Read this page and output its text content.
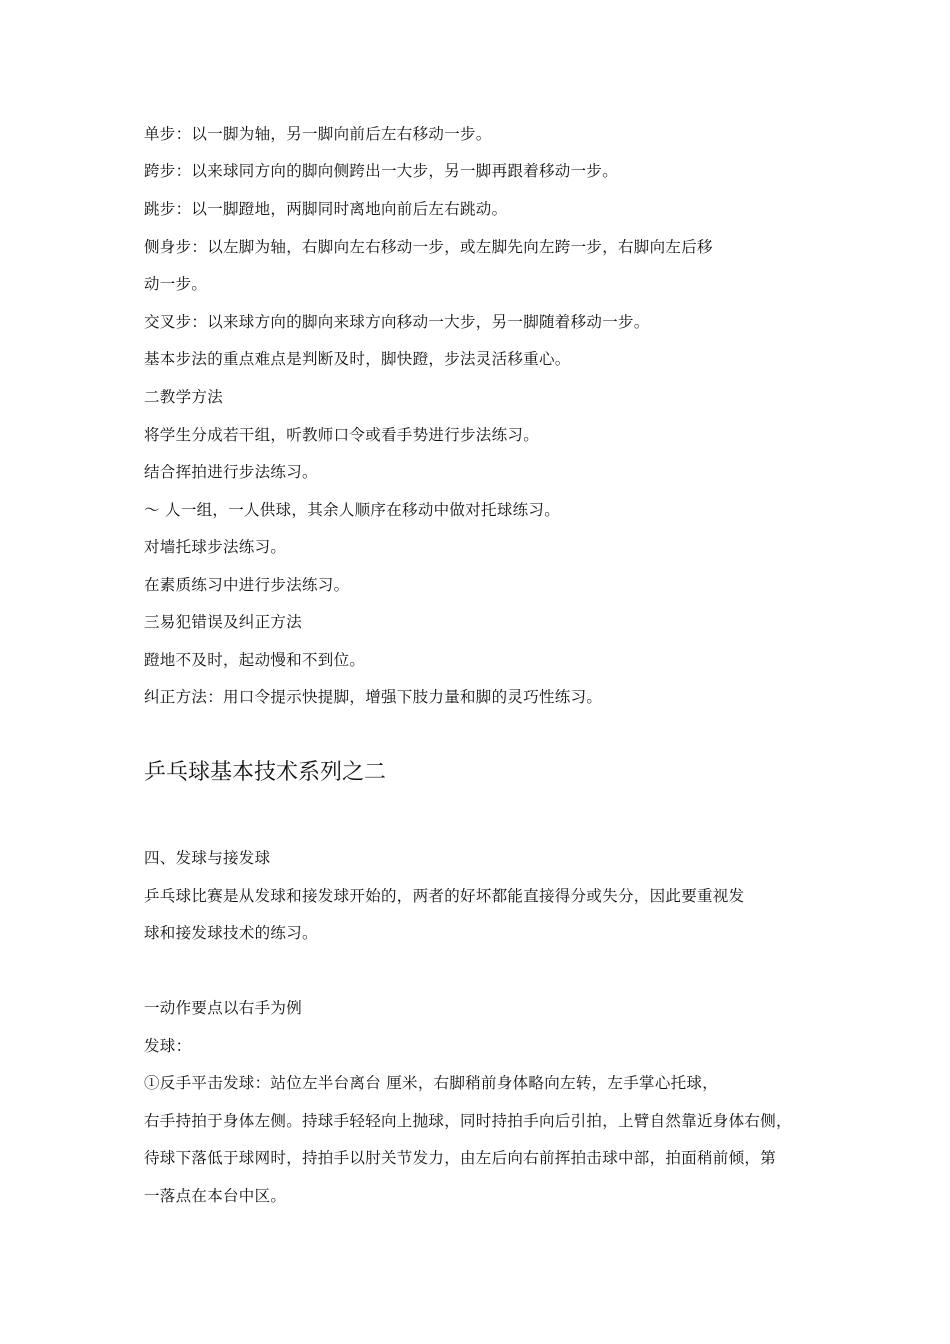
单步：以一脚为轴，另一脚向前后左右移动一步。
跨步：以来球同方向的脚向侧跨出一大步，另一脚再跟着移动一步。
跳步：以一脚蹬地，两脚同时离地向前后左右跳动。
侧身步：以左脚为轴，右脚向左右移动一步，或左脚先向左跨一步，右脚向左后移
动一步。
交叉步：以来球方向的脚向来球方向移动一大步，另一脚随着移动一步。
基本步法的重点难点是判断及时，脚快蹬，步法灵活移重心。
二教学方法
将学生分成若干组，听教师口令或看手势进行步法练习。
结合挥拍进行步法练习。
～ 人一组，一人供球，其余人顺序在移动中做对托球练习。
对墙托球步法练习。
在素质练习中进行步法练习。
三易犯错误及纠正方法
蹬地不及时，起动慢和不到位。
纠正方法：用口令提示快提脚，增强下肢力量和脚的灵巧性练习。
乒乓球基本技术系列之二
四、发球与接发球
乒乓球比赛是从发球和接发球开始的，两者的好坏都能直接得分或失分，因此要重视发
球和接发球技术的练习。
一动作要点以右手为例
发球：
①反手平击发球：站位左半台离台 厘米，右脚稍前身体略向左转，左手掌心托球，
右手持拍于身体左侧。持球手轻轻向上抛球，同时持拍手向后引拍，上臂自然靠近身体右侧，
待球下落低于球网时，持拍手以肘关节发力，由左后向右前挥拍击球中部，拍面稍前倾，第
一落点在本台中区。
